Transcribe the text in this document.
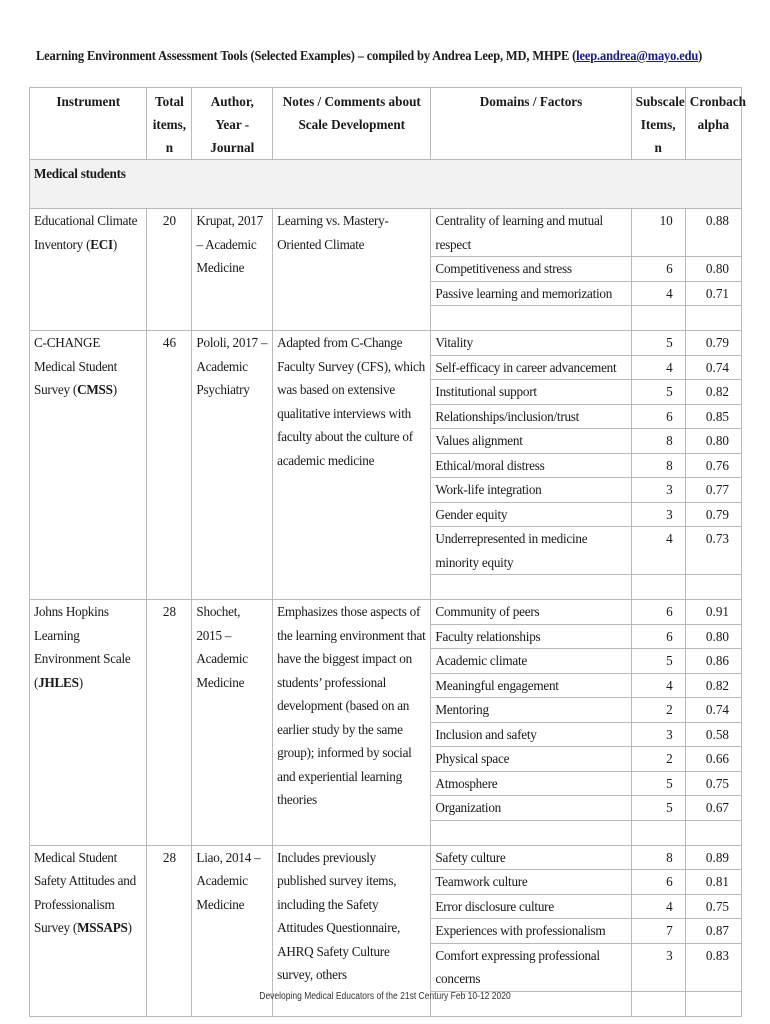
Learning Environment Assessment Tools (Selected Examples) – compiled by Andrea Leep, MD, MHPE (leep.andrea@mayo.edu)
Instrument	Total items, n	Author, Year - Journal	Notes / Comments about Scale Development	Domains / Factors	Subscale Items, n	Cronbach alpha
Medical students						
Educational Climate Inventory (ECI)	20	Krupat, 2017 – Academic Medicine	Learning vs. Mastery-Oriented Climate	Centrality of learning and mutual respect	10	0.88
				Competitiveness and stress	6	0.80
				Passive learning and memorization	4	0.71

C-CHANGE Medical Student Survey (CMSS)	46	Pololi, 2017 – Academic Psychiatry	Adapted from C-Change Faculty Survey (CFS), which was based on extensive qualitative interviews with faculty about the culture of academic medicine	Vitality	5	0.79
				Self-efficacy in career advancement	4	0.74
				Institutional support	5	0.82
				Relationships/inclusion/trust	6	0.85
				Values alignment	8	0.80
				Ethical/moral distress	8	0.76
				Work-life integration	3	0.77
				Gender equity	3	0.79
				Underrepresented in medicine minority equity	4	0.73

Johns Hopkins Learning Environment Scale (JHLES)	28	Shochet, 2015 – Academic Medicine	Emphasizes those aspects of the learning environment that have the biggest impact on students’ professional development (based on an earlier study by the same group); informed by social and experiential learning theories	Community of peers	6	0.91
				Faculty relationships	6	0.80
				Academic climate	5	0.86
				Meaningful engagement	4	0.82
				Mentoring	2	0.74
				Inclusion and safety	3	0.58
				Physical space	2	0.66
				Atmosphere	5	0.75
				Organization	5	0.67

Medical Student Safety Attitudes and Professionalism Survey (MSSAPS)	28	Liao, 2014 – Academic Medicine	Includes previously published survey items, including the Safety Attitudes Questionnaire, AHRQ Safety Culture survey, others	Safety culture	8	0.89
				Teamwork culture	6	0.81
				Error disclosure culture	4	0.75
				Experiences with professionalism	7	0.87
				Comfort expressing professional concerns	3	0.83

Developing Medical Educators of the 21st Century Feb 10-12 2020
